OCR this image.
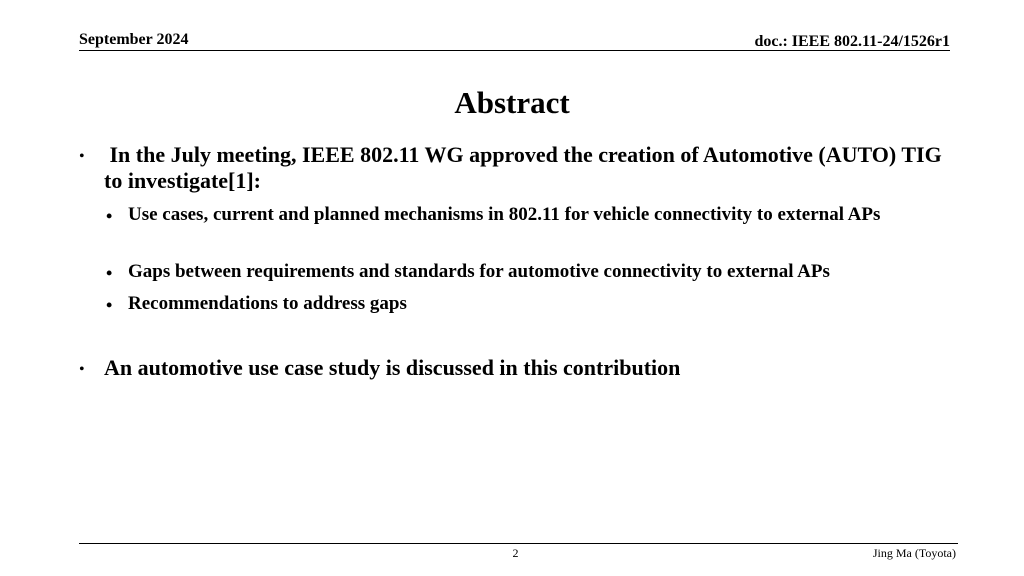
September 2024	doc.: IEEE 802.11-24/1526r1
Abstract
• In the July meeting, IEEE 802.11 WG approved the creation of Automotive (AUTO) TIG to investigate[1]:
• Use cases, current and planned mechanisms in 802.11 for vehicle connectivity to external APs
• Gaps between requirements and standards for automotive connectivity to external APs
• Recommendations to address gaps
• An automotive use case study is discussed in this contribution
2	Jing Ma (Toyota)
